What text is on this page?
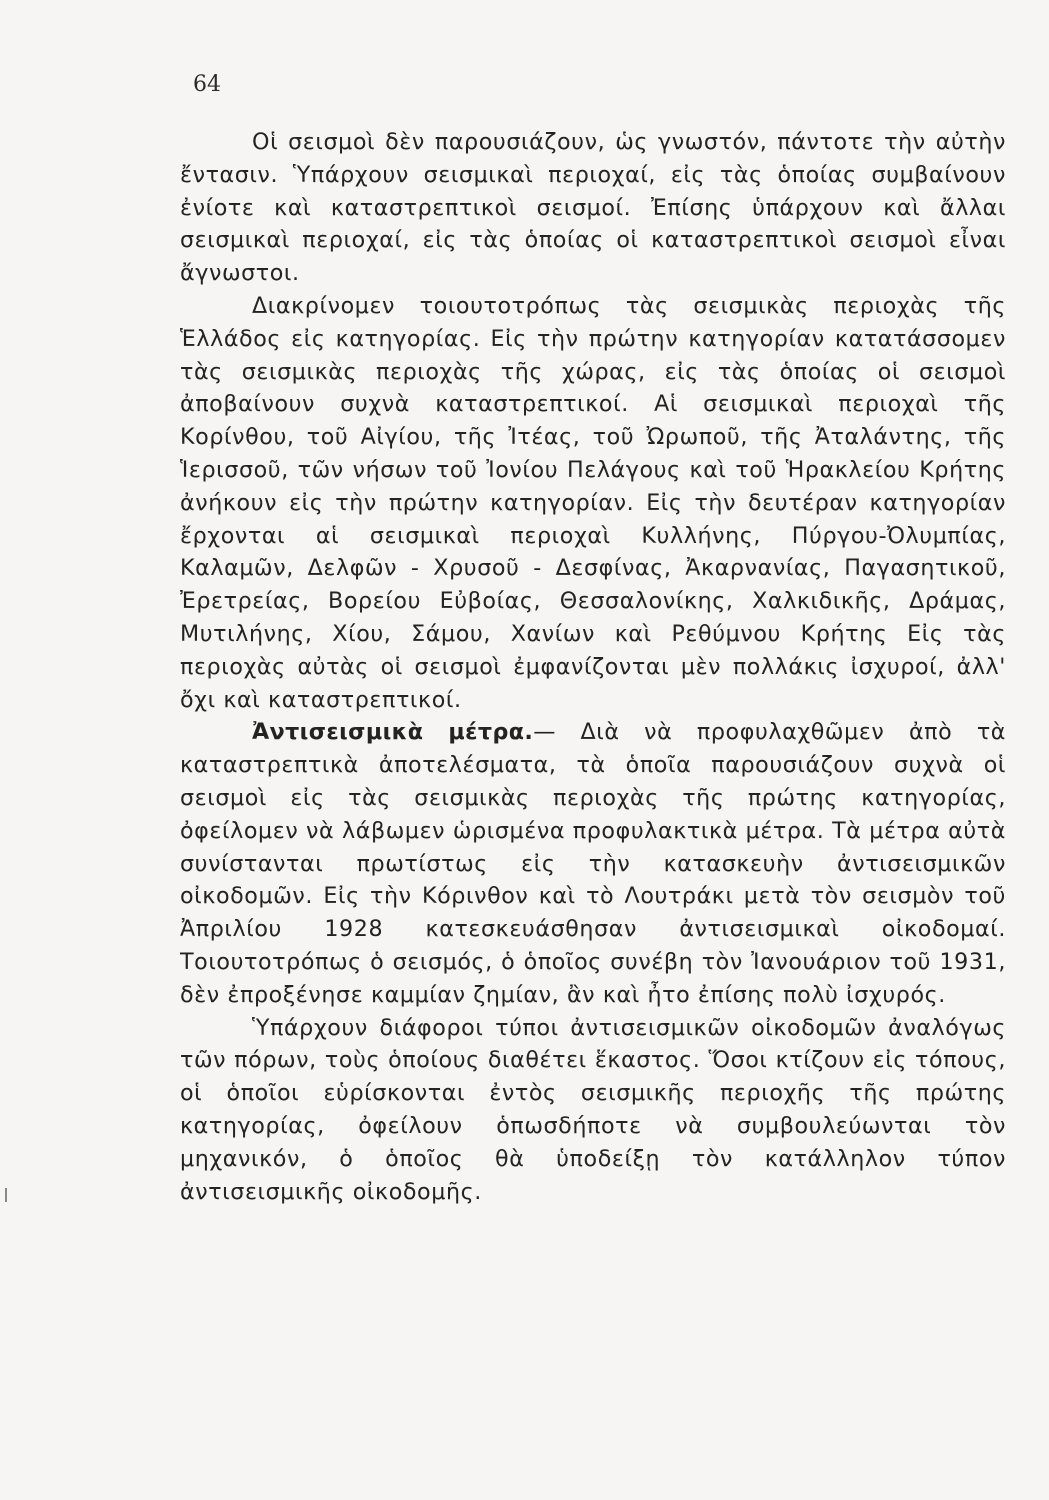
64

Οἱ σεισμοὶ δὲν παρουσιάζουν, ὡς γνωστόν, πάντοτε τὴν αὐτὴν ἔντασιν. Ὑπάρχουν σεισμικαὶ περιοχαί, εἰς τὰς ὁποίας συμβαίνουν ἐνίοτε καὶ καταστρεπτικοὶ σεισμοί. Ἐπίσης ὑπάρχουν καὶ ἄλλαι σεισμικαὶ περιοχαί, εἰς τὰς ὁποίας οἱ καταστρεπτικοὶ σεισμοὶ εἶναι ἄγνωστοι.

Διακρίνομεν τοιουτοτρόπως τὰς σεισμικὰς περιοχὰς τῆς Ἑλλάδος εἰς κατηγορίας. Εἰς τὴν πρώτην κατηγορίαν κατατάσσομεν τὰς σεισμικὰς περιοχὰς τῆς χώρας, εἰς τὰς ὁποίας οἱ σεισμοὶ ἀποβαίνουν συχνὰ καταστρεπτικοί. Αἱ σεισμικαὶ περιοχαὶ τῆς Κορίνθου, τοῦ Αἰγίου, τῆς Ἰτέας, τοῦ Ὠρωποῦ, τῆς Ἀταλάντης, τῆς Ἱερισσοῦ, τῶν νήσων τοῦ Ἰονίου Πελάγους καὶ τοῦ Ἡρακλείου Κρήτης ἀνήκουν εἰς τὴν πρώτην κατηγορίαν. Εἰς τὴν δευτέραν κατηγορίαν ἔρχονται αἱ σεισμικαὶ περιοχαὶ Κυλλήνης, Πύργου-Ὀλυμπίας, Καλαμῶν, Δελφῶν - Χρυσοῦ - Δεσφίνας, Ἀκαρνανίας, Παγασητικοῦ, Ἐρετρείας, Βορείου Εὐβοίας, Θεσσαλονίκης, Χαλκιδικῆς, Δράμας, Μυτιλήνης, Χίου, Σάμου, Χανίων καὶ Ρεθύμνου Κρήτης Εἰς τὰς περιοχὰς αὐτὰς οἱ σεισμοὶ ἐμφανίζονται μὲν πολλάκις ἰσχυροί, ἀλλ' ὄχι καὶ καταστρεπτικοί.

Ἀντισεισμικὰ μέτρα.— Διὰ νὰ προφυλαχθῶμεν ἀπὸ τὰ καταστρεπτικὰ ἀποτελέσματα, τὰ ὁποῖα παρουσιάζουν συχνὰ οἱ σεισμοὶ εἰς τὰς σεισμικὰς περιοχὰς τῆς πρώτης κατηγορίας, ὀφείλομεν νὰ λάβωμεν ὡρισμένα προφυλακτικὰ μέτρα. Τὰ μέτρα αὐτὰ συνίστανται πρωτίστως εἰς τὴν κατασκευὴν ἀντισεισμικῶν οἰκοδομῶν. Εἰς τὴν Κόρινθον καὶ τὸ Λουτράκι μετὰ τὸν σεισμὸν τοῦ Ἀπριλίου 1928 κατεσκευάσθησαν ἀντισεισμικαὶ οἰκοδομαί. Τοιουτοτρόπως ὁ σεισμός, ὁ ὁποῖος συνέβη τὸν Ἰανουάριον τοῦ 1931, δὲν ἐπροξένησε καμμίαν ζημίαν, ἂν καὶ ἦτο ἐπίσης πολὺ ἰσχυρός.

Ὑπάρχουν διάφοροι τύποι ἀντισεισμικῶν οἰκοδομῶν ἀναλόγως τῶν πόρων, τοὺς ὁποίους διαθέτει ἕκαστος. Ὅσοι κτίζουν εἰς τόπους, οἱ ὁποῖοι εὑρίσκονται ἐντὸς σεισμικῆς περιοχῆς τῆς πρώτης κατηγορίας, ὀφείλουν ὁπωσδήποτε νὰ συμβουλεύωνται τὸν μηχανικόν, ὁ ὁποῖος θὰ ὑποδείξῃ τὸν κατάλληλον τύπον ἀντισεισμικῆς οἰκοδομῆς.
